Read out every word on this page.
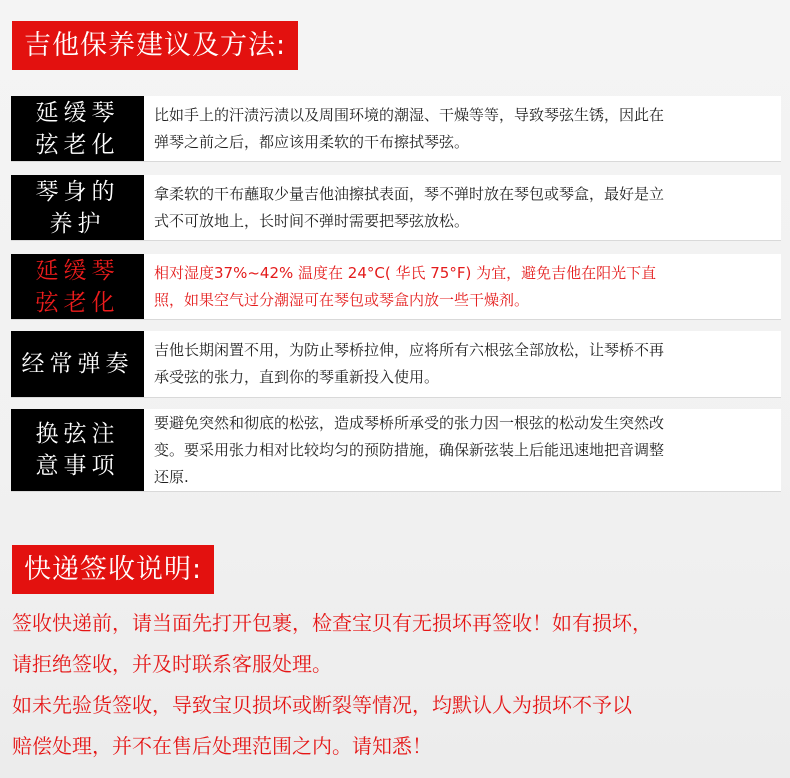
吉他保养建议及方法:
延缓琴
弦老化
比如手上的汗渍污渍以及周围环境的潮湿、干燥等等，导致琴弦生锈，因此在
弹琴之前之后，都应该用柔软的干布擦拭琴弦。
琴身的
养护
拿柔软的干布蘸取少量吉他油擦拭表面，琴不弹时放在琴包或琴盒，最好是立
式不可放地上，长时间不弹时需要把琴弦放松。
延缓琴
弦老化
相对湿度37%~42% 温度在 24°C( 华氏 75°F) 为宜，避免吉他在阳光下直
照，如果空气过分潮湿可在琴包或琴盒内放一些干燥剂。
经常弹奏
吉他长期闲置不用，为防止琴桥拉伸，应将所有六根弦全部放松，让琴桥不再
承受弦的张力，直到你的琴重新投入使用。
换弦注
意事项
要避免突然和彻底的松弦，造成琴桥所承受的张力因一根弦的松动发生突然改
变。要采用张力相对比较均匀的预防措施，确保新弦装上后能迅速地把音调整
还原.
快递签收说明:
签收快递前，请当面先打开包裹，检查宝贝有无损坏再签收！如有损坏，
请拒绝签收，并及时联系客服处理。
如未先验货签收，导致宝贝损坏或断裂等情况，均默认人为损坏不予以
赔偿处理，并不在售后处理范围之内。请知悉！
